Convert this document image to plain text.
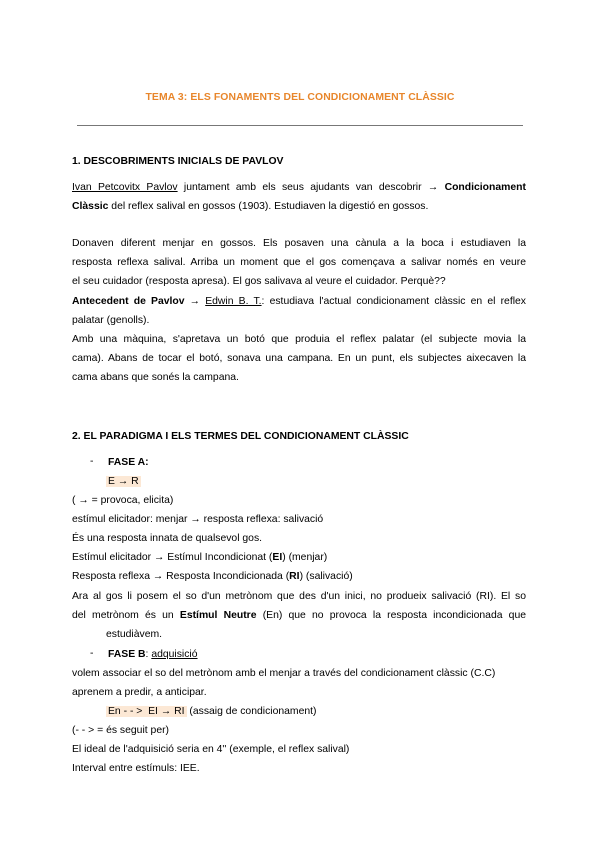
TEMA 3: ELS FONAMENTS DEL CONDICIONAMENT CLÀSSIC
1. DESCOBRIMENTS INICIALS DE PAVLOV
Ivan Petcovitx Pavlov juntament amb els seus ajudants van descobrir → Condicionament
Clàssic del reflex salival en gossos (1903). Estudiaven la digestió en gossos.
Donaven diferent menjar en gossos. Els posaven una cànula a la boca i estudiaven la
resposta reflexa salival. Arriba un moment que el gos començava a salivar només en veure
el seu cuidador (resposta apresa). El gos salivava al veure el cuidador. Perquè??
Antecedent de Pavlov → Edwin B. T.: estudiava l'actual condicionament clàssic en el reflex
palatar (genolls).
Amb una màquina, s'apretava un botó que produia el reflex palatar (el subjecte movia la
cama). Abans de tocar el botó, sonava una campana. En un punt, els subjectes aixecaven la
cama abans que sonés la campana.
2. EL PARADIGMA I ELS TERMES DEL CONDICIONAMENT CLÀSSIC
- FASE A:
E → R
( → = provoca, elicita)
estímul elicitador: menjar → resposta reflexa: salivació
És una resposta innata de qualsevol gos.
Estímul elicitador → Estímul Incondicionat (EI) (menjar)
Resposta reflexa → Resposta Incondicionada (RI) (salivació)
Ara al gos li posem el so d'un metrònom que des d'un inici, no produeix salivació (RI). El so
del metrònom és un Estímul Neutre (En) que no provoca la resposta incondicionada que
estudiàvem.
- FASE B: adquisició
volem associar el so del metrònom amb el menjar a través del condicionament clàssic (C.C)
aprenem a predir, a anticipar.
En - - >  EI → RI (assaig de condicionament)
(- - > = és seguit per)
El ideal de l'adquisició seria en 4'' (exemple, el reflex salival)
Interval entre estímuls: IEE.
